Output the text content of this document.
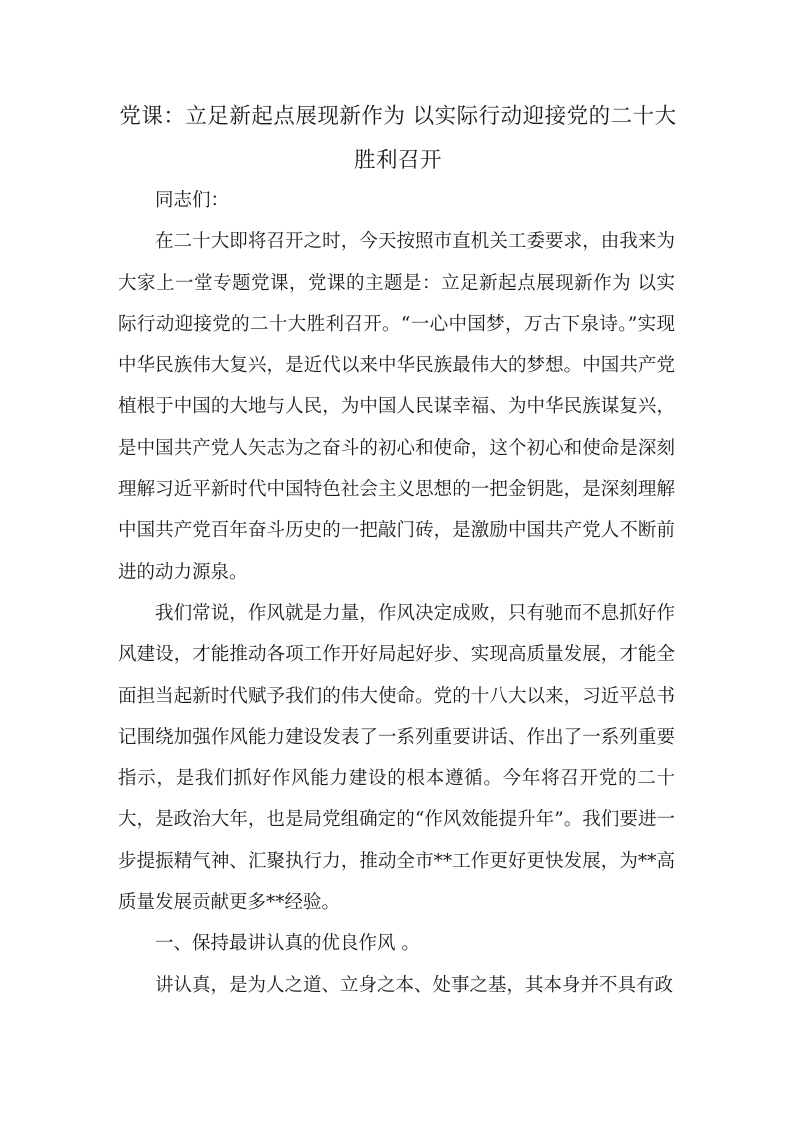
党课：立足新起点展现新作为 以实际行动迎接党的二十大胜利召开

同志们：

在二十大即将召开之时，今天按照市直机关工委要求，由我来为大家上一堂专题党课，党课的主题是：立足新起点展现新作为 以实际行动迎接党的二十大胜利召开。“一心中国梦，万古下泉诗。”实现中华民族伟大复兴，是近代以来中华民族最伟大的梦想。中国共产党植根于中国的大地与人民，为中国人民谋幸福、为中华民族谋复兴，是中国共产党人矢志为之奋斗的初心和使命，这个初心和使命是深刻理解习近平新时代中国特色社会主义思想的一把金钥匙，是深刻理解中国共产党百年奋斗历史的一把敲门砖，是激励中国共产党人不断前进的动力源泉。

我们常说，作风就是力量，作风决定成败，只有驰而不息抓好作风建设，才能推动各项工作开好局起好步、实现高质量发展，才能全面担当起新时代赋予我们的伟大使命。党的十八大以来，习近平总书记围绕加强作风能力建设发表了一系列重要讲话、作出了一系列重要指示，是我们抓好作风能力建设的根本遵循。今年将召开党的二十大，是政治大年，也是局党组确定的“作风效能提升年”。我们要进一步提振精气神、汇聚执行力，推动全市**工作更好更快发展，为**高质量发展贡献更多**经验。

一、保持最讲认真的优良作风 。

讲认真，是为人之道、立身之本、处事之基，其本身并不具有政
